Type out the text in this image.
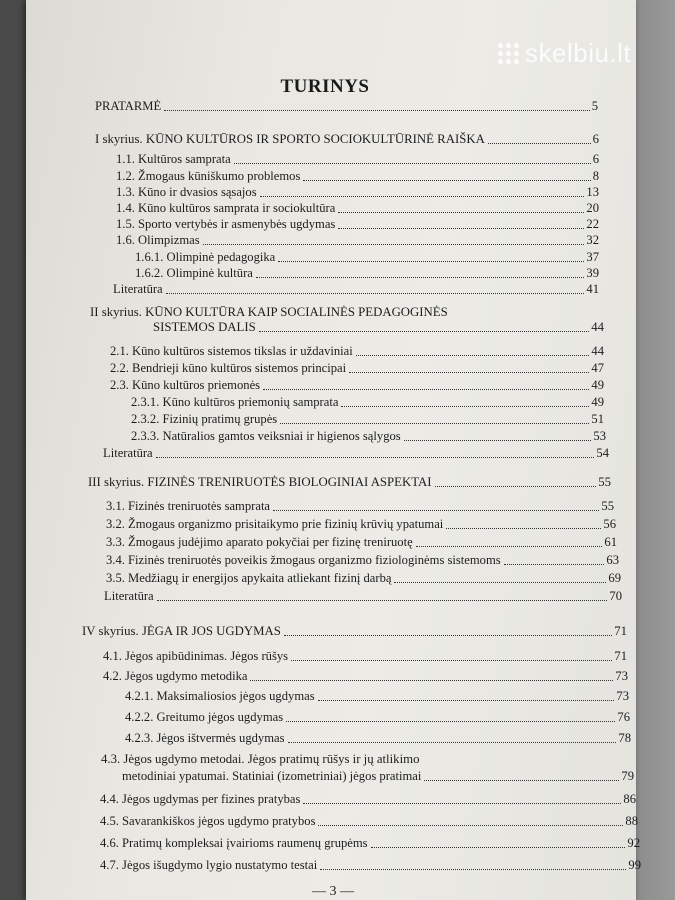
skelbiu.lt
TURINYS
PRATARMĖ	5
I skyrius. KŪNO KULTŪROS IR SPORTO SOCIOKULTŪRINĖ RAIŠKA	6
1.1. Kultūros samprata	6
1.2. Žmogaus kūniškumo problemos	8
1.3. Kūno ir dvasios sąsajos	13
1.4. Kūno kultūros samprata ir sociokultūra	20
1.5. Sporto vertybės ir asmenybės ugdymas	22
1.6. Olimpizmas	32
1.6.1. Olimpinė pedagogika	37
1.6.2. Olimpinė kultūra	39
Literatūra	41
II skyrius. KŪNO KULTŪRA KAIP SOCIALINĖS PEDAGOGINĖS
SISTEMOS DALIS	44
2.1. Kūno kultūros sistemos tikslas ir uždaviniai	44
2.2. Bendrieji kūno kultūros sistemos principai	47
2.3. Kūno kultūros priemonės	49
2.3.1. Kūno kultūros priemonių samprata	49
2.3.2. Fizinių pratimų grupės	51
2.3.3. Natūralios gamtos veiksniai ir higienos sąlygos	53
Literatūra	54
III skyrius. FIZINĖS TRENIRUOTĖS BIOLOGINIAI ASPEKTAI	55
3.1. Fizinės treniruotės samprata	55
3.2. Žmogaus organizmo prisitaikymo prie fizinių krūvių ypatumai	56
3.3. Žmogaus judėjimo aparato pokyčiai per fizinę treniruotę	61
3.4. Fizinės treniruotės poveikis žmogaus organizmo fiziologinėms sistemoms	63
3.5. Medžiagų ir energijos apykaita atliekant fizinį darbą	69
Literatūra	70
IV skyrius. JĖGA IR JOS UGDYMAS	71
4.1. Jėgos apibūdinimas. Jėgos rūšys	71
4.2. Jėgos ugdymo metodika	73
4.2.1. Maksimaliosios jėgos ugdymas	73
4.2.2. Greitumo jėgos ugdymas	76
4.2.3. Jėgos ištvermės ugdymas	78
4.3. Jėgos ugdymo metodai. Jėgos pratimų rūšys ir jų atlikimo
metodiniai ypatumai. Statiniai (izometriniai) jėgos pratimai	79
4.4. Jėgos ugdymas per fizines pratybas	86
4.5. Savarankiškos jėgos ugdymo pratybos	88
4.6. Pratimų kompleksai įvairioms raumenų grupėms	92
4.7. Jėgos išugdymo lygio nustatymo testai	99
— 3 —
